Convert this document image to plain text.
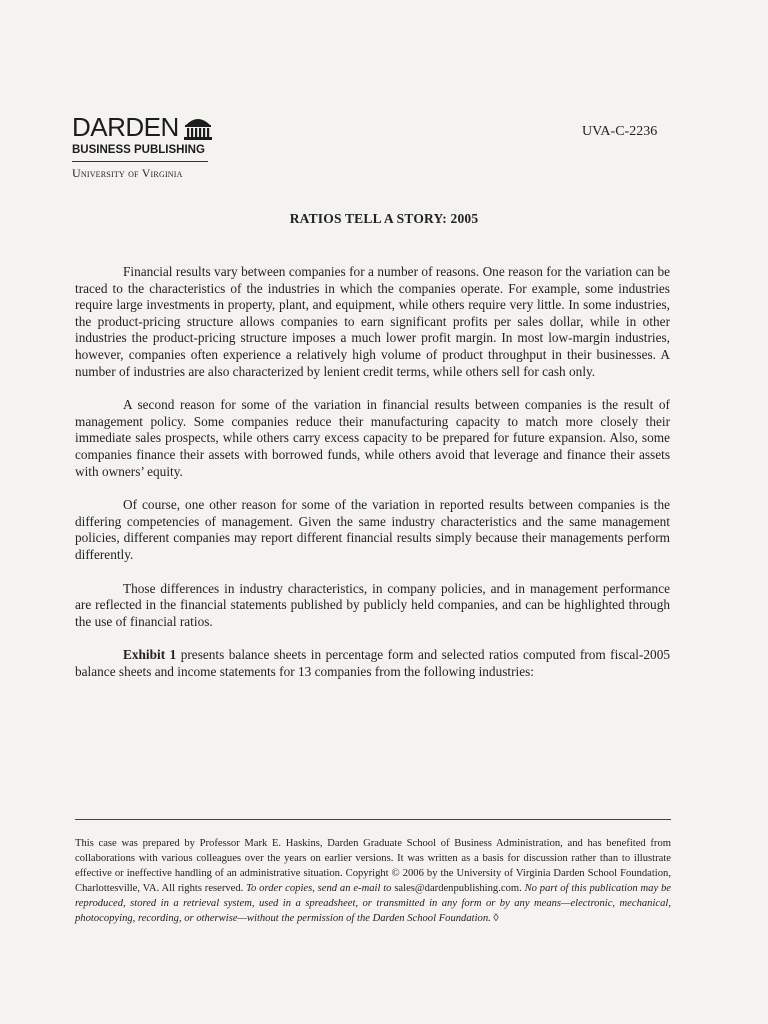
DARDEN
BUSINESS PUBLISHING
University of Virginia
UVA-C-2236
RATIOS TELL A STORY: 2005

Financial results vary between companies for a number of reasons. One reason for the variation can be traced to the characteristics of the industries in which the companies operate. For example, some industries require large investments in property, plant, and equipment, while others require very little. In some industries, the product-pricing structure allows companies to earn significant profits per sales dollar, while in other industries the product-pricing structure imposes a much lower profit margin. In most low-margin industries, however, companies often experience a relatively high volume of product throughput in their businesses. A number of industries are also characterized by lenient credit terms, while others sell for cash only.

A second reason for some of the variation in financial results between companies is the result of management policy. Some companies reduce their manufacturing capacity to match more closely their immediate sales prospects, while others carry excess capacity to be prepared for future expansion. Also, some companies finance their assets with borrowed funds, while others avoid that leverage and finance their assets with owners’ equity.

Of course, one other reason for some of the variation in reported results between companies is the differing competencies of management. Given the same industry characteristics and the same management policies, different companies may report different financial results simply because their managements perform differently.

Those differences in industry characteristics, in company policies, and in management performance are reflected in the financial statements published by publicly held companies, and can be highlighted through the use of financial ratios.

Exhibit 1 presents balance sheets in percentage form and selected ratios computed from fiscal-2005 balance sheets and income statements for 13 companies from the following industries:

This case was prepared by Professor Mark E. Haskins, Darden Graduate School of Business Administration, and has benefited from collaborations with various colleagues over the years on earlier versions. It was written as a basis for discussion rather than to illustrate effective or ineffective handling of an administrative situation. Copyright © 2006 by the University of Virginia Darden School Foundation, Charlottesville, VA. All rights reserved. To order copies, send an e-mail to sales@dardenpublishing.com. No part of this publication may be reproduced, stored in a retrieval system, used in a spreadsheet, or transmitted in any form or by any means—electronic, mechanical, photocopying, recording, or otherwise—without the permission of the Darden School Foundation. ◊
